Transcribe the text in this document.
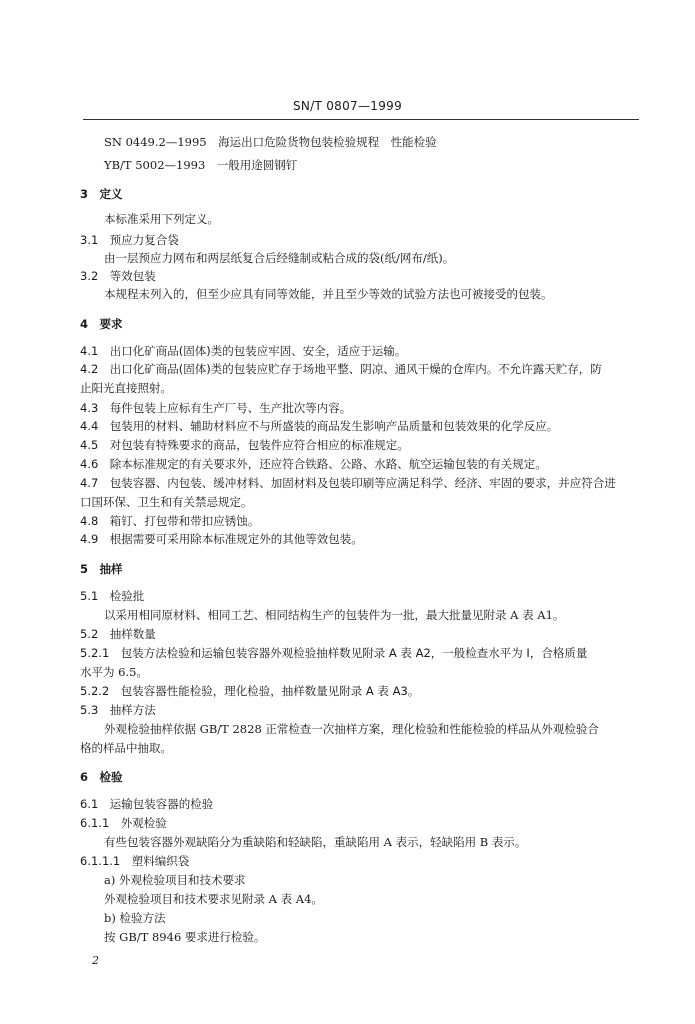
SN/T 0807—1999
SN 0449.2—1995　海运出口危险货物包装检验规程　性能检验
YB/T 5002—1993　一般用途圆钢钉
3　定义
本标准采用下列定义。
3.1　预应力复合袋
由一层预应力网布和两层纸复合后经缝制或粘合成的袋(纸/网布/纸)。
3.2　等效包装
本规程未列入的，但至少应具有同等效能，并且至少等效的试验方法也可被接受的包装。
4　要求
4.1　出口化矿商品(固体)类的包装应牢固、安全，适应于运输。
4.2　出口化矿商品(固体)类的包装应贮存于场地平整、阴凉、通风干燥的仓库内。不允许露天贮存，防
止阳光直接照射。
4.3　每件包装上应标有生产厂号、生产批次等内容。
4.4　包装用的材料、辅助材料应不与所盛装的商品发生影响产品质量和包装效果的化学反应。
4.5　对包装有特殊要求的商品，包装件应符合相应的标准规定。
4.6　除本标准规定的有关要求外，还应符合铁路、公路、水路、航空运输包装的有关规定。
4.7　包装容器、内包装、缓冲材料、加固材料及包装印刷等应满足科学、经济、牢固的要求，并应符合进
口国环保、卫生和有关禁忌规定。
4.8　箱钉、打包带和带扣应锈蚀。
4.9　根据需要可采用除本标准规定外的其他等效包装。
5　抽样
5.1　检验批
以采用相同原材料、相同工艺、相同结构生产的包装件为一批，最大批量见附录 A 表 A1。
5.2　抽样数量
5.2.1　包装方法检验和运输包装容器外观检验抽样数见附录 A 表 A2，一般检查水平为 Ⅰ，合格质量
水平为 6.5。
5.2.2　包装容器性能检验，理化检验，抽样数量见附录 A 表 A3。
5.3　抽样方法
外观检验抽样依据 GB/T 2828 正常检查一次抽样方案，理化检验和性能检验的样品从外观检验合
格的样品中抽取。
6　检验
6.1　运输包装容器的检验
6.1.1　外观检验
有些包装容器外观缺陷分为重缺陷和轻缺陷，重缺陷用 A 表示，轻缺陷用 B 表示。
6.1.1.1　塑料编织袋
a) 外观检验项目和技术要求
外观检验项目和技术要求见附录 A 表 A4。
b) 检验方法
按 GB/T 8946 要求进行检验。
2
